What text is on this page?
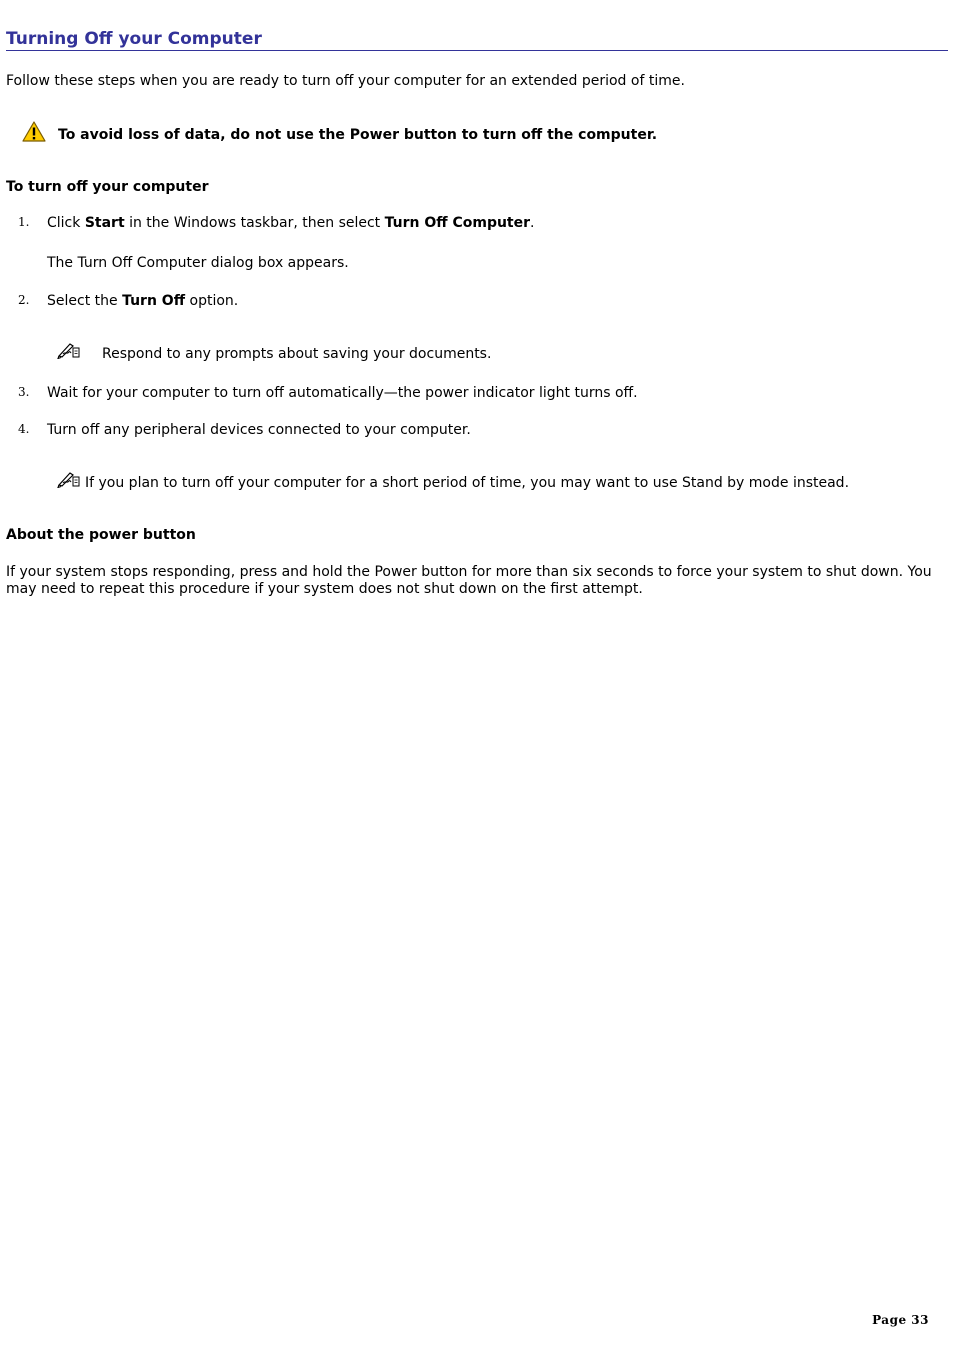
Turning Off your Computer
Follow these steps when you are ready to turn off your computer for an extended period of time.
To avoid loss of data, do not use the Power button to turn off the computer.
To turn off your computer
1. Click Start in the Windows taskbar, then select Turn Off Computer.
The Turn Off Computer dialog box appears.
2. Select the Turn Off option.
Respond to any prompts about saving your documents.
3. Wait for your computer to turn off automatically—the power indicator light turns off.
4. Turn off any peripheral devices connected to your computer.
If you plan to turn off your computer for a short period of time, you may want to use Stand by mode instead.
About the power button
If your system stops responding, press and hold the Power button for more than six seconds to force your system to shut down. You may need to repeat this procedure if your system does not shut down on the first attempt.
Page 33
